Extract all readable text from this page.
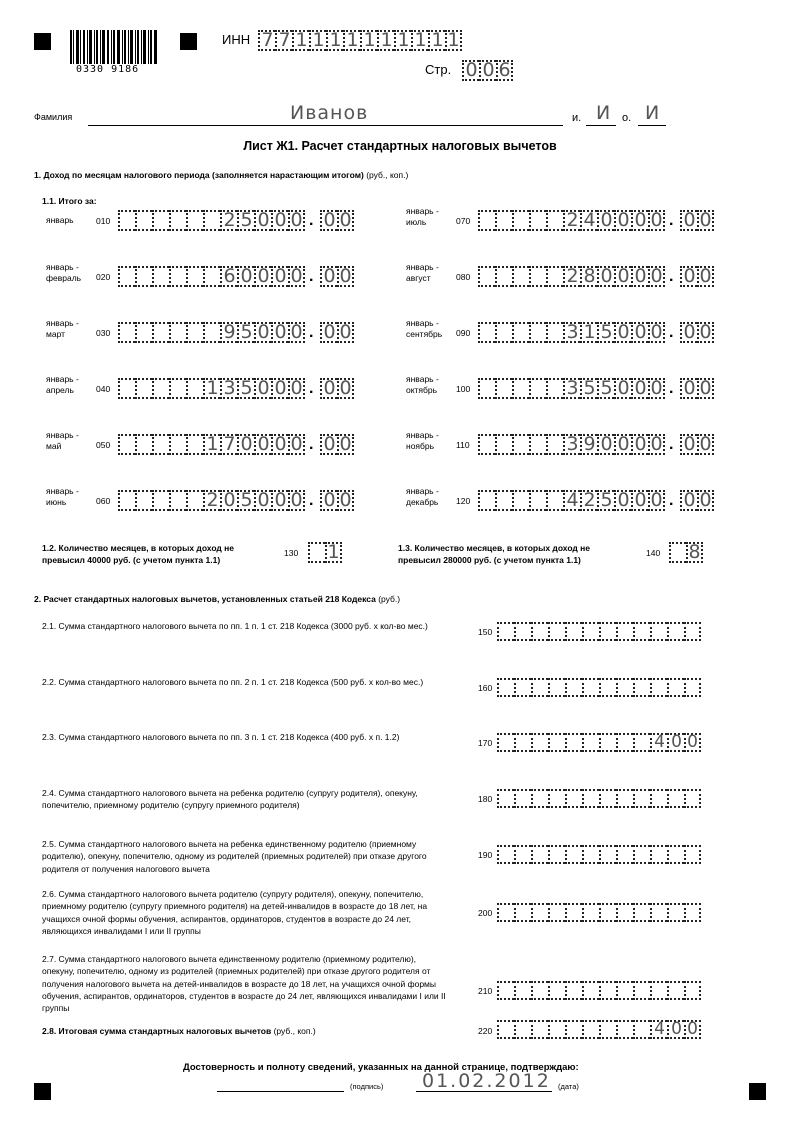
0330 9186
ИНН 7 7 1 1 1 1 1 1 1 1 1 1
Стр. 0 0 6
Фамилия	Иванов	и. И о. И
Лист Ж1. Расчет стандартных налоговых вычетов
1. Доход по месяцам налогового периода (заполняется нарастающим итогом) (руб., коп.)
1.1. Итого за:
январь	010	2 5 0 0 0 . 0 0
январь - февраль	020	6 0 0 0 0 . 0 0
январь - март	030	9 5 0 0 0 . 0 0
январь - апрель	040	1 3 5 0 0 0 . 0 0
январь - май	050	1 7 0 0 0 0 . 0 0
январь - июнь	060	2 0 5 0 0 0 . 0 0
январь - июль	070	2 4 0 0 0 0 . 0 0
январь - август	080	2 8 0 0 0 0 . 0 0
январь - сентябрь	090	3 1 5 0 0 0 . 0 0
январь - октябрь	100	3 5 5 0 0 0 . 0 0
январь - ноябрь	110	3 9 0 0 0 0 . 0 0
январь - декабрь	120	4 2 5 0 0 0 . 0 0
1.2. Количество месяцев, в которых доход не превысил 40000 руб. (с учетом пункта 1.1)
130 1	1.3. Количество месяцев, в которых доход не превысил 280000 руб. (с учетом пункта 1.1)
140 8
2. Расчет стандартных налоговых вычетов, установленных статьей 218 Кодекса (руб.)
2.1. Сумма стандартного налогового вычета по пп. 1 п. 1 ст. 218 Кодекса (3000 руб. х кол-во мес.)
150
2.2. Сумма стандартного налогового вычета по пп. 2 п. 1 ст. 218 Кодекса (500 руб. х кол-во мес.)
160
2.3. Сумма стандартного налогового вычета по пп. 3 п. 1 ст. 218 Кодекса (400 руб. х п. 1.2)
170	4 0 0
2.4. Сумма стандартного налогового вычета на ребенка родителю (супругу родителя), опекуну, попечителю, приемному родителю (супругу приемного родителя)
180
2.5. Сумма стандартного налогового вычета на ребенка единственному родителю (приемному родителю), опекуну, попечителю, одному из родителей (приемных родителей) при отказе другого родителя от получения налогового вычета
190
2.6. Сумма стандартного налогового вычета родителю (супругу родителя), опекуну, попечителю, приемному родителю (супругу приемного родителя) на детей-инвалидов в возрасте до 18 лет, на учащихся очной формы обучения, аспирантов, ординаторов, студентов в возрасте до 24 лет, являющихся инвалидами I или II группы
200
2.7. Сумма стандартного налогового вычета единственному родителю (приемному родителю), опекуну, попечителю, одному из родителей (приемных родителей) при отказе другого родителя от получения налогового вычета на детей-инвалидов в возрасте до 18 лет, на учащихся очной формы обучения, аспирантов, ординаторов, студентов в возрасте до 24 лет, являющихся инвалидами I или II группы
210
2.8. Итоговая сумма стандартных налоговых вычетов (руб., коп.)	220	4 0 0
Достоверность и полноту сведений, указанных на данной странице, подтверждаю:
(подпись) 01.02.2012 (дата)
